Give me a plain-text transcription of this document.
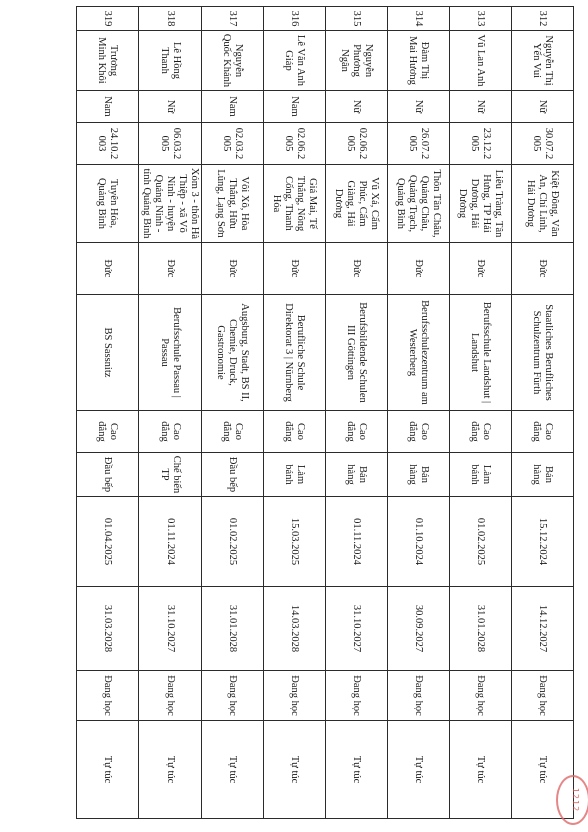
312	Nguyễn Thị Yến Vui	Nữ	30.07.2 005	Kiệt Đông, Vân An, Chí Linh, Hải Dương	Đức	Staatliches Berufliches Schulzentrum Fürth	Cao đẳng	Bán hàng	15.12.2024	14.12.2027	Đang học	Tự túc
313	Vũ Lan Anh	Nữ	23.12.2 005	Liêu Tràng, Tân Hưng, TP Hải Dương, Hải Dương	Đức	Berufsschule Landshut | Landshut	Cao đẳng	Làm bánh	01.02.2025	31.01.2028	Đang học	Tự túc
314	Đàm Thị Mai Hương	Nữ	26.07.2 005	Thôn Tân Châu, Quảng Châu, Quảng Trạch, Quảng Bình	Đức	Berufsschulezentrum am Westerberg	Cao đẳng	Bán hàng	01.10.2024	30.09.2027	Đang học	Tự túc
315	Nguyễn Phương Ngân	Nữ	02.06.2 005	Vũ Xá, Cẩm Phúc, Cẩm Giàng, Hải Dương	Đức	Berufsbildende Schulen III Göttingen	Cao đẳng	Bán hàng	01.11.2024	31.10.2027	Đang học	Tự túc
316	Lê Văn Anh Giáp	Nam	02.06.2 005	Giá Mai, Tế Thắng, Nông Cống, Thanh Hóa	Đức	Berufliche Schule Direktorat 3 | Nürnberg	Cao đẳng	Làm bánh	15.03.2025	14.03.2028	Đang học	Tự túc
317	Nguyễn Quốc Khánh	Nam	02.03.2 005	Vôi Xô, Hòa Thắng, Hữu Lũng, Lạng Sơn	Đức	Augsburg, Stadt, BS II, Chemie, Druck, Gastronomie	Cao đẳng	Đầu bếp	01.02.2025	31.01.2028	Đang học	Tự túc
318	Lê Hồng Thanh	Nữ	06.03.2 005	Xóm 3 - thôn Hà Thiệp - xã Võ Ninh - huyện Quảng Ninh - tỉnh Quảng Bình	Đức	Berufsschule Passau | Passau	Cao đẳng	Chế biến TP	01.11.2024	31.10.2027	Đang học	Tự túc
319	Trương Minh Khôi	Nam	24.10.2 003	Tuyên Hóa, Quảng Bình	Đức	BS Sassnitz	Cao đẳng	Đầu bếp	01.04.2025	31.03.2028	Đang học	Tự túc
1212
